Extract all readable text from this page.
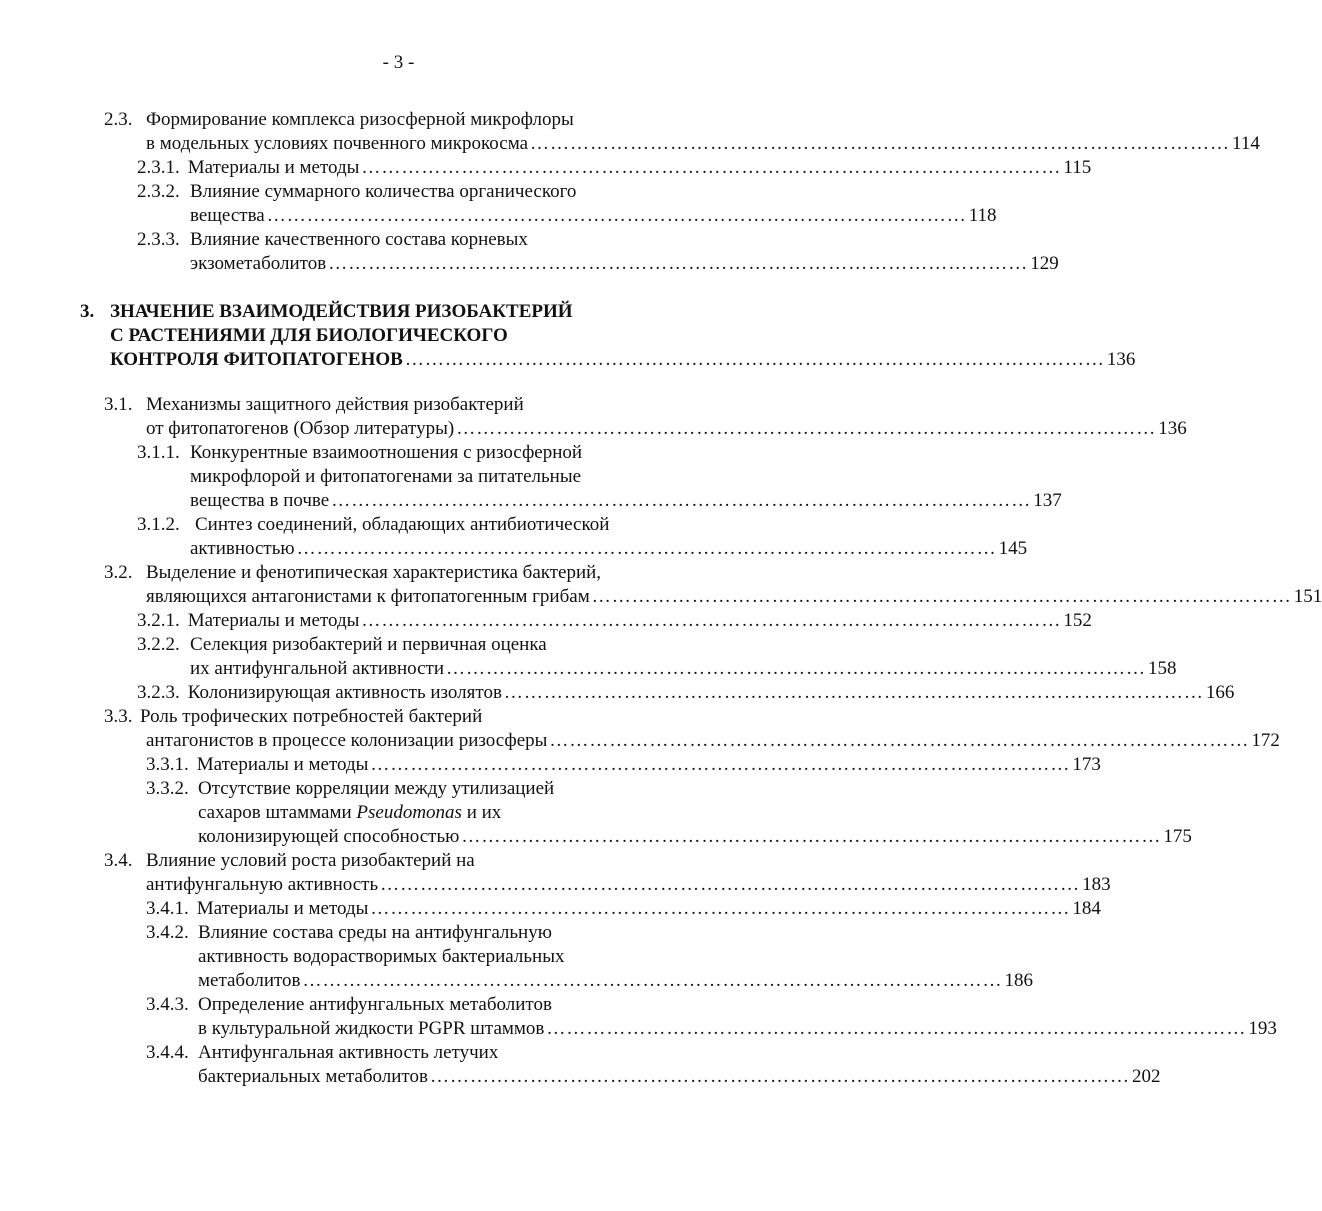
- 3 -
2.3. Формирование комплекса ризосферной микрофлоры
в модельных условиях почвенного микрокосма …………………………………………………………………………………………… 114
2.3.1. Материалы и методы …………………………………………………………………………………………… 115
2.3.2. Влияние суммарного количества органического
вещества …………………………………………………………………………………………… 118
2.3.3. Влияние качественного состава корневых
экзометаболитов …………………………………………………………………………………………… 129
3. ЗНАЧЕНИЕ ВЗАИМОДЕЙСТВИЯ РИЗОБАКТЕРИЙ
С РАСТЕНИЯМИ ДЛЯ БИОЛОГИЧЕСКОГО
КОНТРОЛЯ ФИТОПАТОГЕНОВ …………………………………………………………………………………………… 136
3.1. Механизмы защитного действия ризобактерий
от фитопатогенов (Обзор литературы) …………………………………………………………………………………………… 136
3.1.1. Конкурентные взаимоотношения с ризосферной
микрофлорой и фитопатогенами за питательные
вещества в почве …………………………………………………………………………………………… 137
3.1.2. Синтез соединений, обладающих антибиотической
активностью …………………………………………………………………………………………… 145
3.2. Выделение и фенотипическая характеристика бактерий,
являющихся антагонистами к фитопатогенным грибам …………………………………………………………………………………………… 151
3.2.1. Материалы и методы …………………………………………………………………………………………… 152
3.2.2. Селекция ризобактерий и первичная оценка
их антифунгальной активности …………………………………………………………………………………………… 158
3.2.3. Колонизирующая активность изолятов …………………………………………………………………………………………… 166
3.3. Роль трофических потребностей бактерий
антагонистов в процессе колонизации ризосферы …………………………………………………………………………………………… 172
3.3.1. Материалы и методы …………………………………………………………………………………………… 173
3.3.2. Отсутствие корреляции между утилизацией
сахаров штаммами Pseudomonas и их
колонизирующей способностью …………………………………………………………………………………………… 175
3.4. Влияние условий роста ризобактерий на
антифунгальную активность …………………………………………………………………………………………… 183
3.4.1. Материалы и методы …………………………………………………………………………………………… 184
3.4.2. Влияние состава среды на антифунгальную
активность водорастворимых бактериальных
метаболитов …………………………………………………………………………………………… 186
3.4.3. Определение антифунгальных метаболитов
в культуральной жидкости PGPR штаммов …………………………………………………………………………………………… 193
3.4.4. Антифунгальная активность летучих
бактериальных метаболитов …………………………………………………………………………………………… 202
